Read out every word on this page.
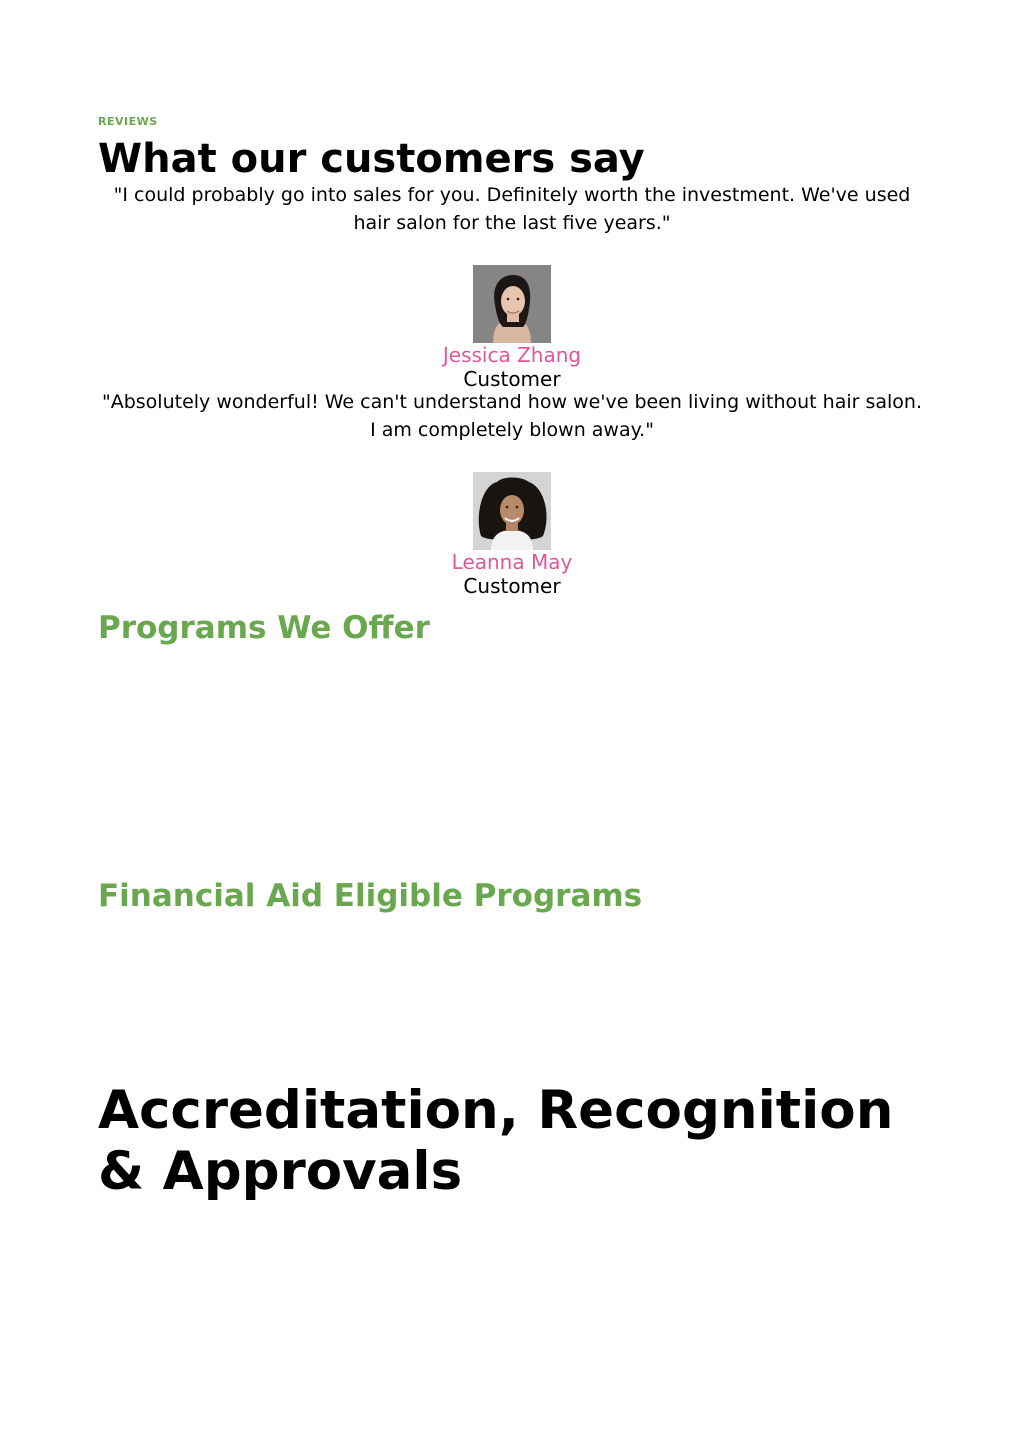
REVIEWS

What our customers say

"I could probably go into sales for you. Definitely worth the investment. We've used hair salon for the last five years."

Jessica Zhang
Customer

"Absolutely wonderful! We can't understand how we've been living without hair salon. I am completely blown away."

Leanna May
Customer
Programs We Offer
Financial Aid Eligible Programs
Accreditation, Recognition & Approvals
